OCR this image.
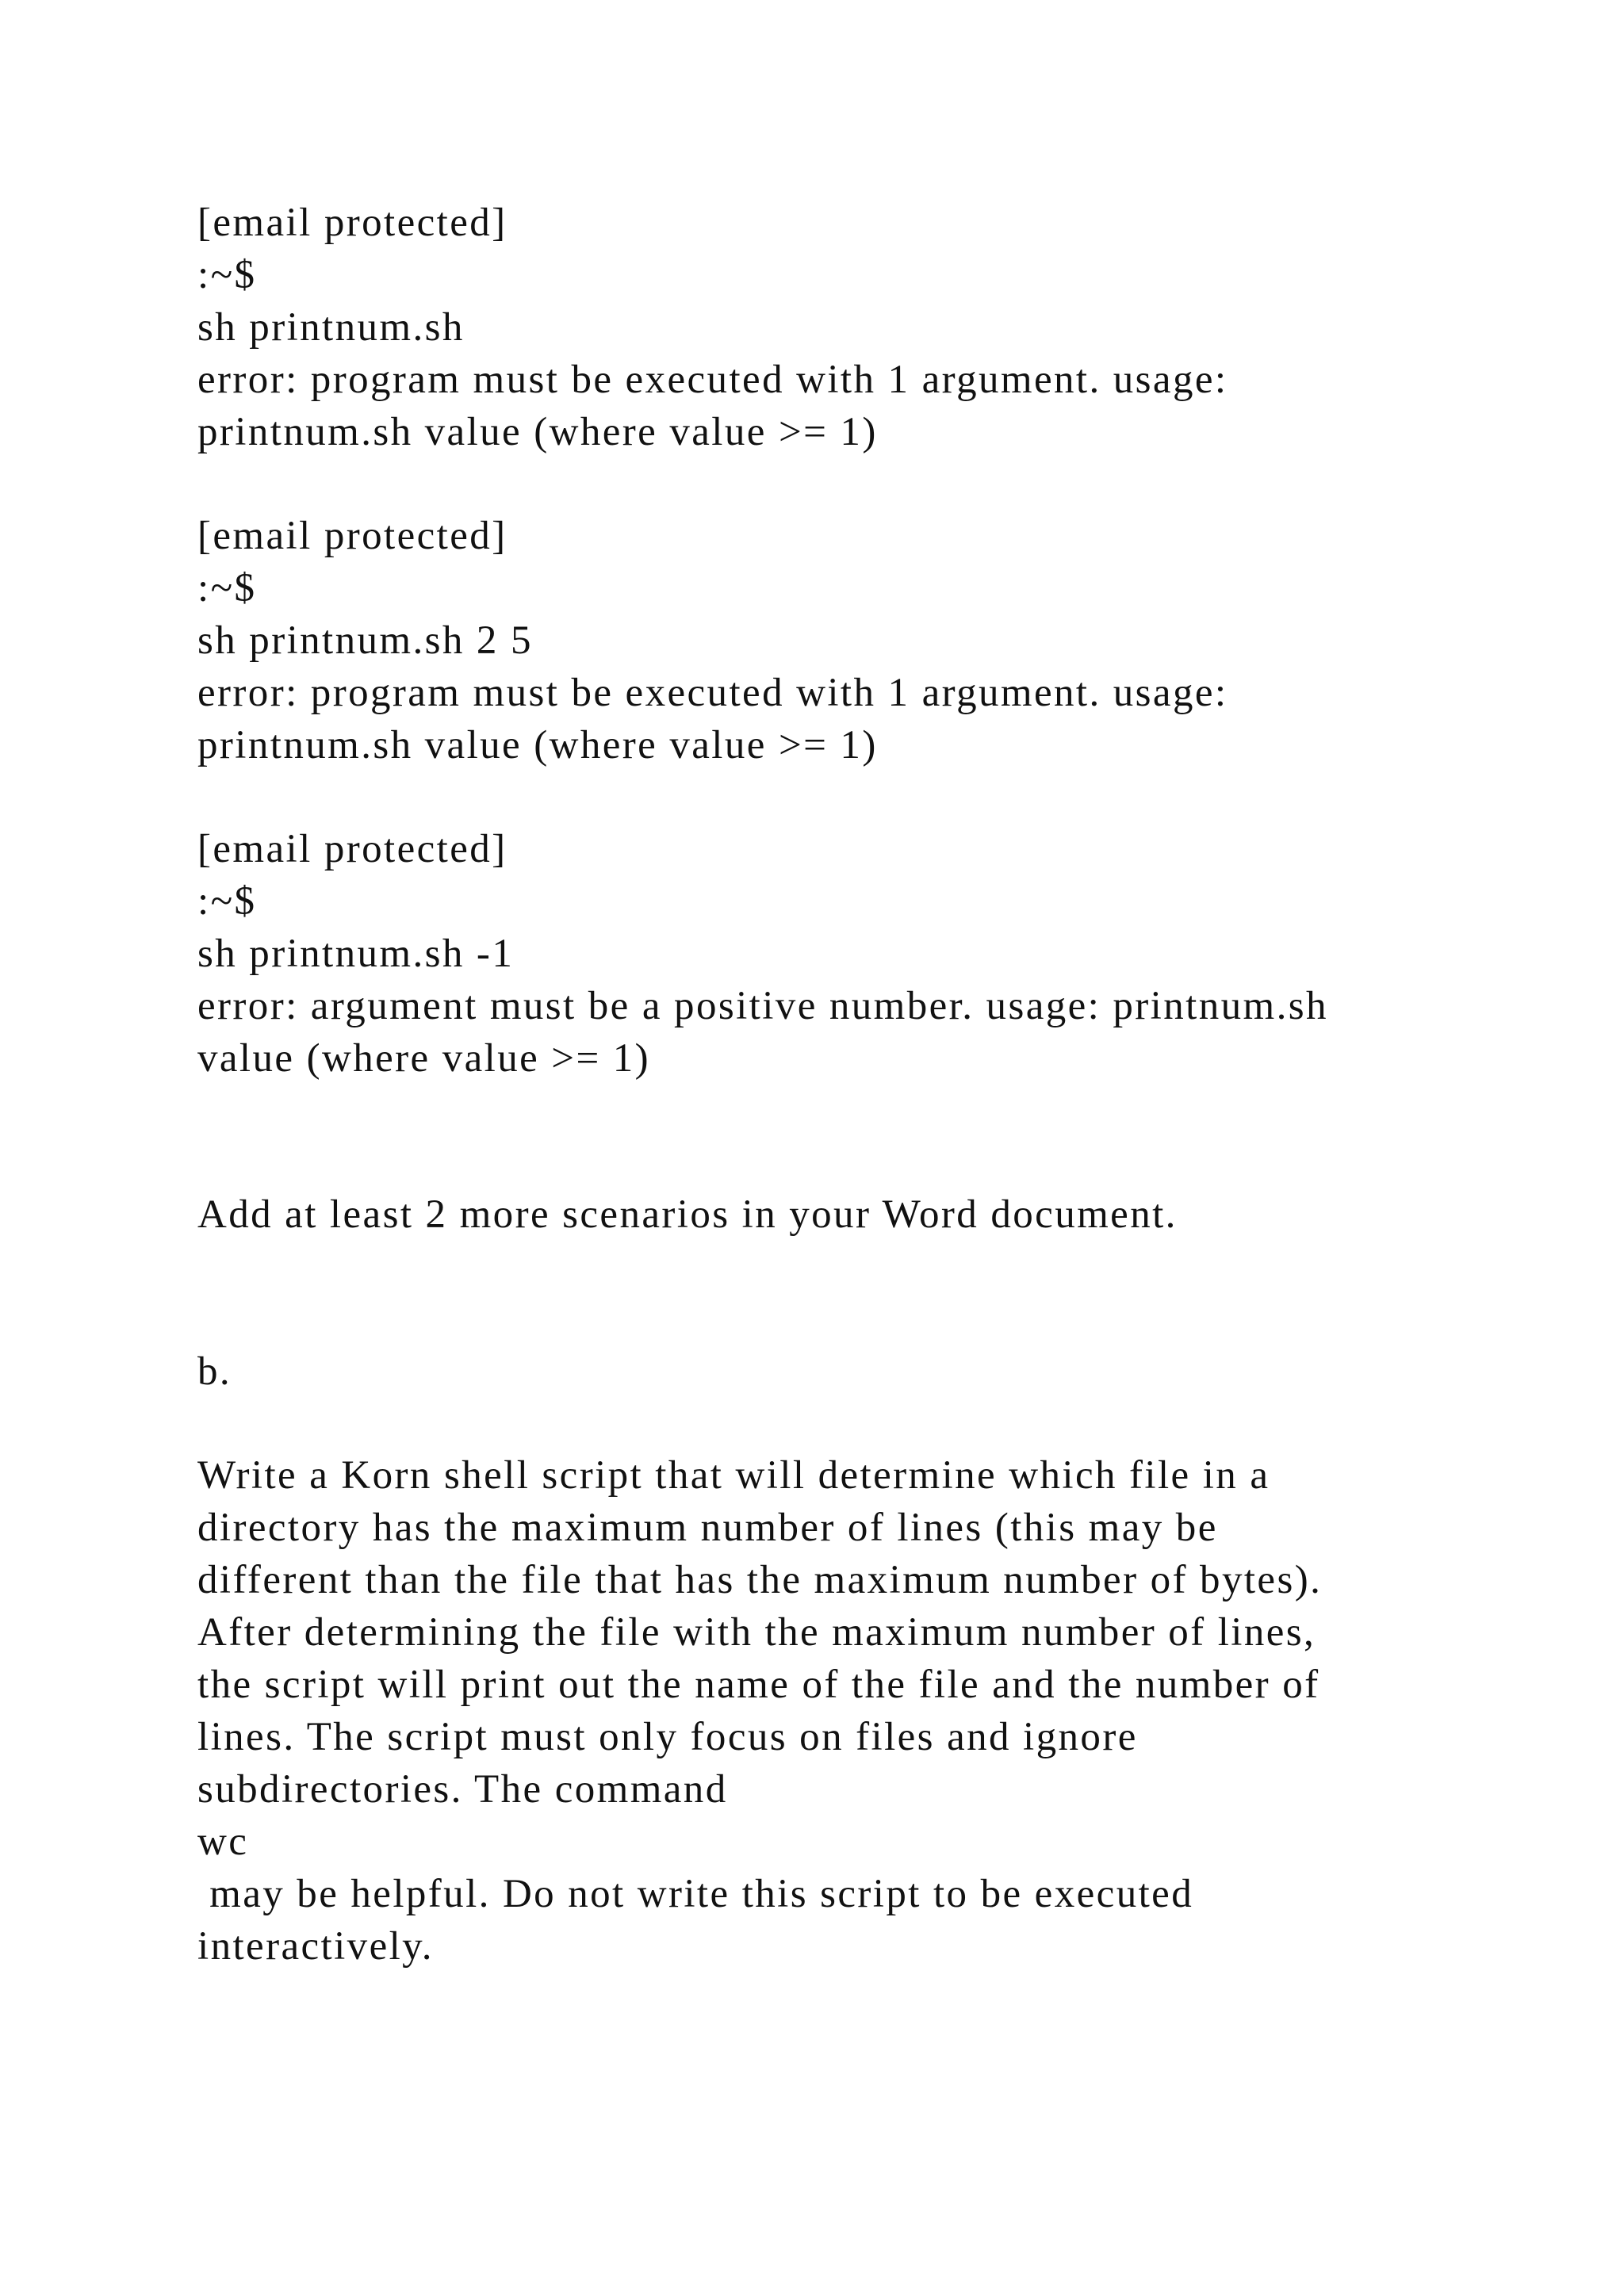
[email protected]

:~$

sh printnum.sh

error: program must be executed with 1 argument. usage:

printnum.sh value (where value >= 1)

[email protected]

:~$

sh printnum.sh 2 5

error: program must be executed with 1 argument. usage:

printnum.sh value (where value >= 1)

[email protected]

:~$

sh printnum.sh -1

error: argument must be a positive number. usage: printnum.sh

value (where value >= 1)

Add at least 2 more scenarios in your Word document.

b.

Write a Korn shell script that will determine which file in a

directory has the maximum number of lines (this may be

different than the file that has the maximum number of bytes).

After determining the file with the maximum number of lines,

the script will print out the name of the file and the number of

lines. The script must only focus on files and ignore

subdirectories. The command

wc

may be helpful. Do not write this script to be executed

interactively.
